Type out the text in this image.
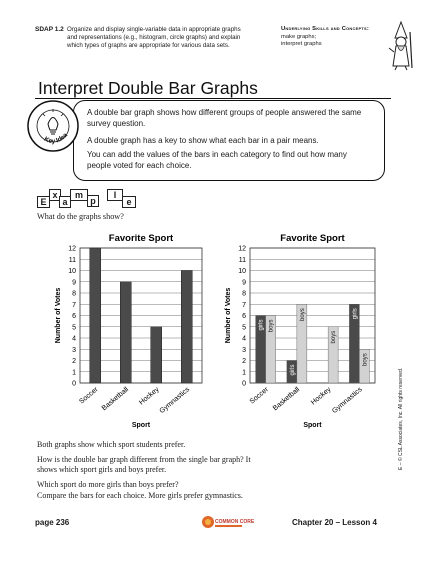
SDAP 1.2 Organize and display single-variable data in appropriate graphs
and representations (e.g., histogram, circle graphs) and explain
which types of graphs are appropriate for various data sets.
Underlying Skills and Concepts:
make graphs;
interpret graphs
Interpret Double Bar Graphs
Key Idea
A double bar graph shows how different groups of people answered the same
survey question.
A double graph has a key to show what each bar in a pair means.
You can add the values of the bars in each category to find out how many
people voted for each choice.
E
x
a
m
p
l
e
What do the graphs show?
Favorite Sport
0
1
2
3
4
5
6
7
8
9
10
11
12
Number of Votes
Sport
Soccer Basketball Hockey
Gymnastics
Favorite Sport
0
1
2
3
4
5
6
7
8
9
10
11
12
Number of Votes
Sport
Soccer
girls boys
Basketball
girls
boys
Hockey
boys
Gymnastics
girls
boys
Both graphs show which sport students prefer.
How is the double bar graph different from the single bar graph? It
shows which sport girls and boys prefer.
Which sport do more girls than boys prefer?
Compare the bars for each choice. More girls prefer gymnastics.
page 236	COMMON CORE	Chapter 20 – Lesson 4
E – © CSL Associates, Inc. All rights reserved.
